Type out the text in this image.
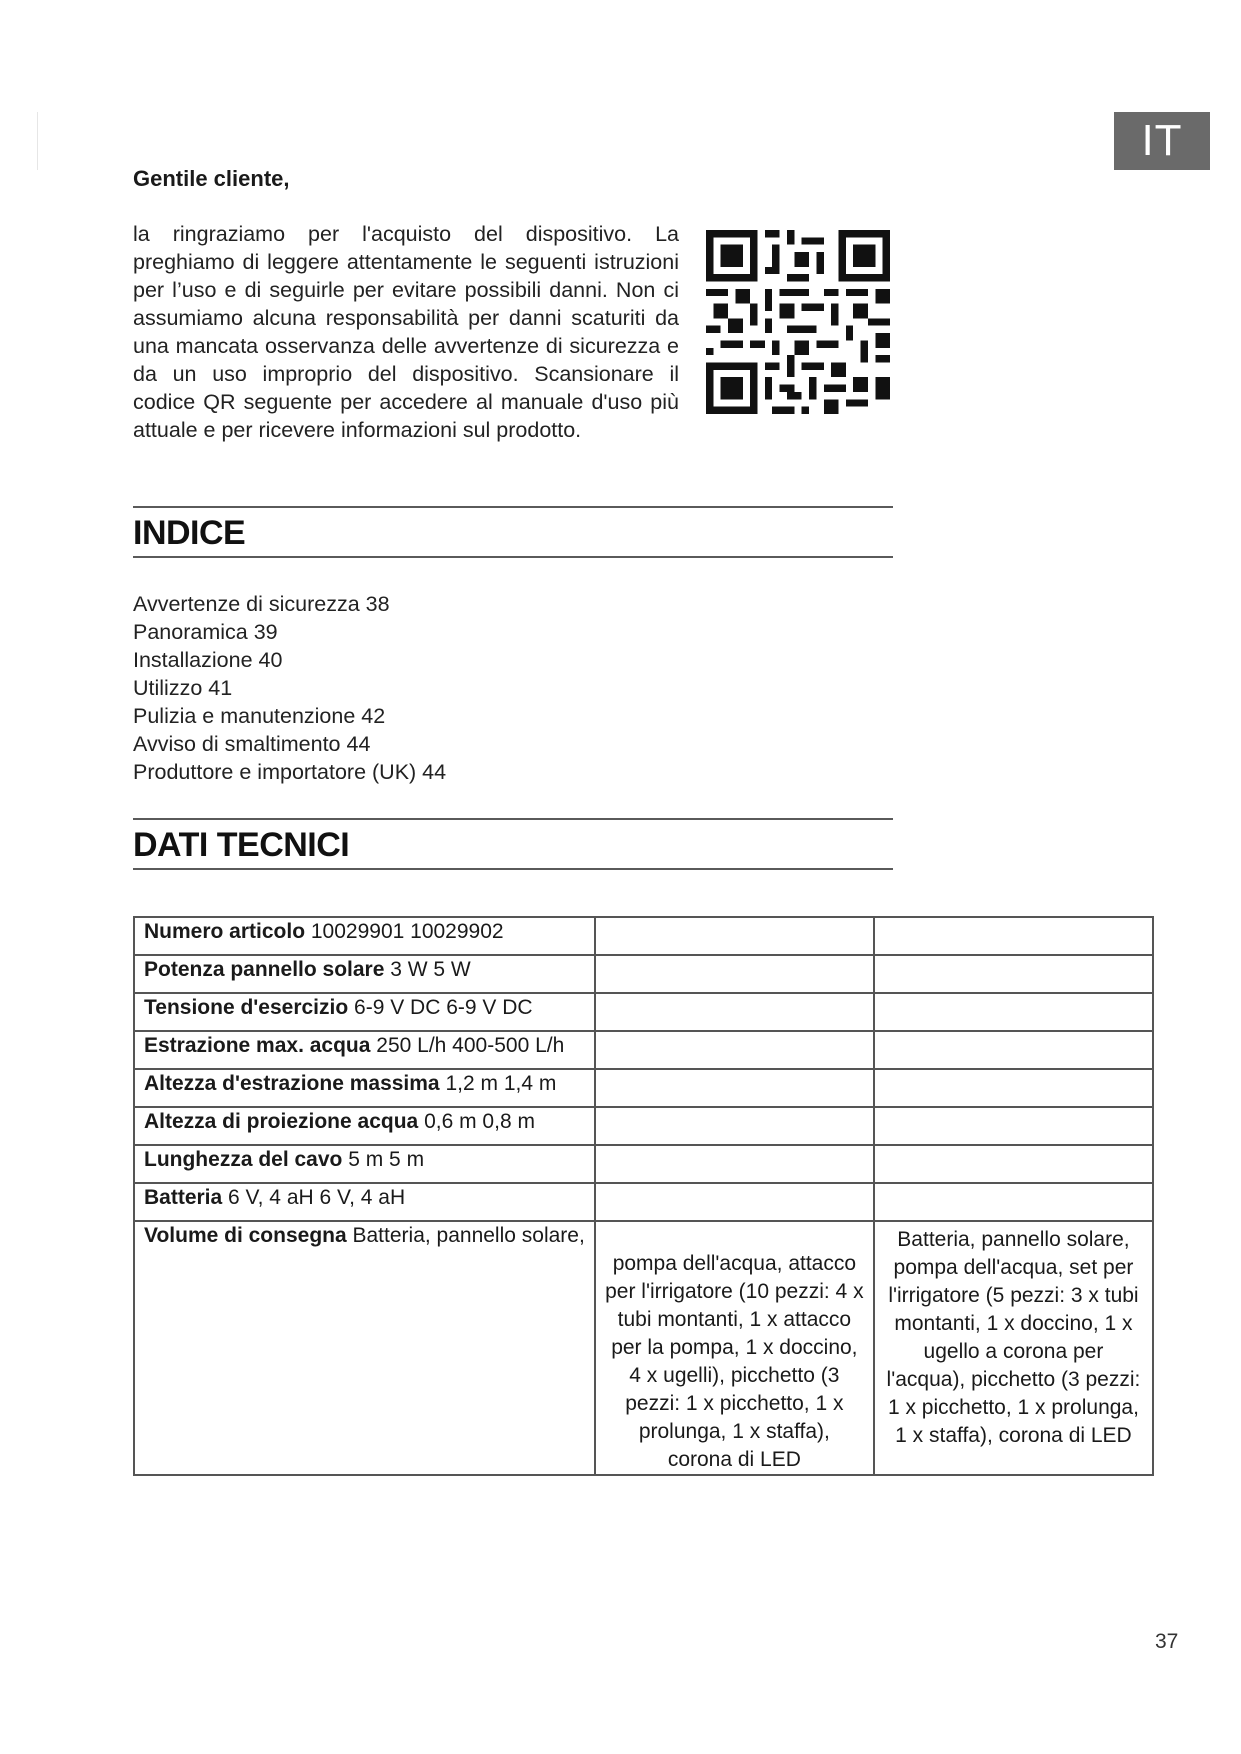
IT
Gentile cliente,
la ringraziamo per l'acquisto del dispositivo. La preghiamo di leggere attentamente le seguenti istruzioni per l’uso e di seguirle per evitare possibili danni. Non ci assumiamo alcuna responsabilità per danni scaturiti da una mancata osservanza delle avvertenze di sicurezza e da un uso improprio del dispositivo. Scansionare il codice QR seguente per accedere al manuale d'uso più attuale e per ricevere informazioni sul prodotto.
INDICE
Avvertenze di sicurezza 38
Panoramica 39
Installazione 40
Utilizzo 41
Pulizia e manutenzione 42
Avviso di smaltimento 44
Produttore e importatore (UK) 44
DATI TECNICI
Numero articolo 10029901 10029902		
Potenza pannello solare 3 W 5 W		
Tensione d'esercizio 6-9 V DC 6-9 V DC		
Estrazione max. acqua 250 L/h 400-500 L/h		
Altezza d'estrazione massima 1,2 m 1,4 m		
Altezza di proiezione acqua 0,6 m 0,8 m		
Lunghezza del cavo 5 m 5 m		
Batteria 6 V, 4 aH 6 V, 4 aH		
Volume di consegna Batteria, pannello solare,	pompa dell'acqua, attacco per l'irrigatore (10 pezzi: 4 x tubi montanti, 1 x attacco per la pompa, 1 x doccino, 4 x ugelli), picchetto (3 pezzi: 1 x picchetto, 1 x prolunga, 1 x staffa), corona di LED	Batteria, pannello solare, pompa dell'acqua, set per l'irrigatore (5 pezzi: 3 x tubi montanti, 1 x doccino, 1 x ugello a corona per l'acqua), picchetto (3 pezzi: 1 x picchetto, 1 x prolunga, 1 x staffa), corona di LED
37
